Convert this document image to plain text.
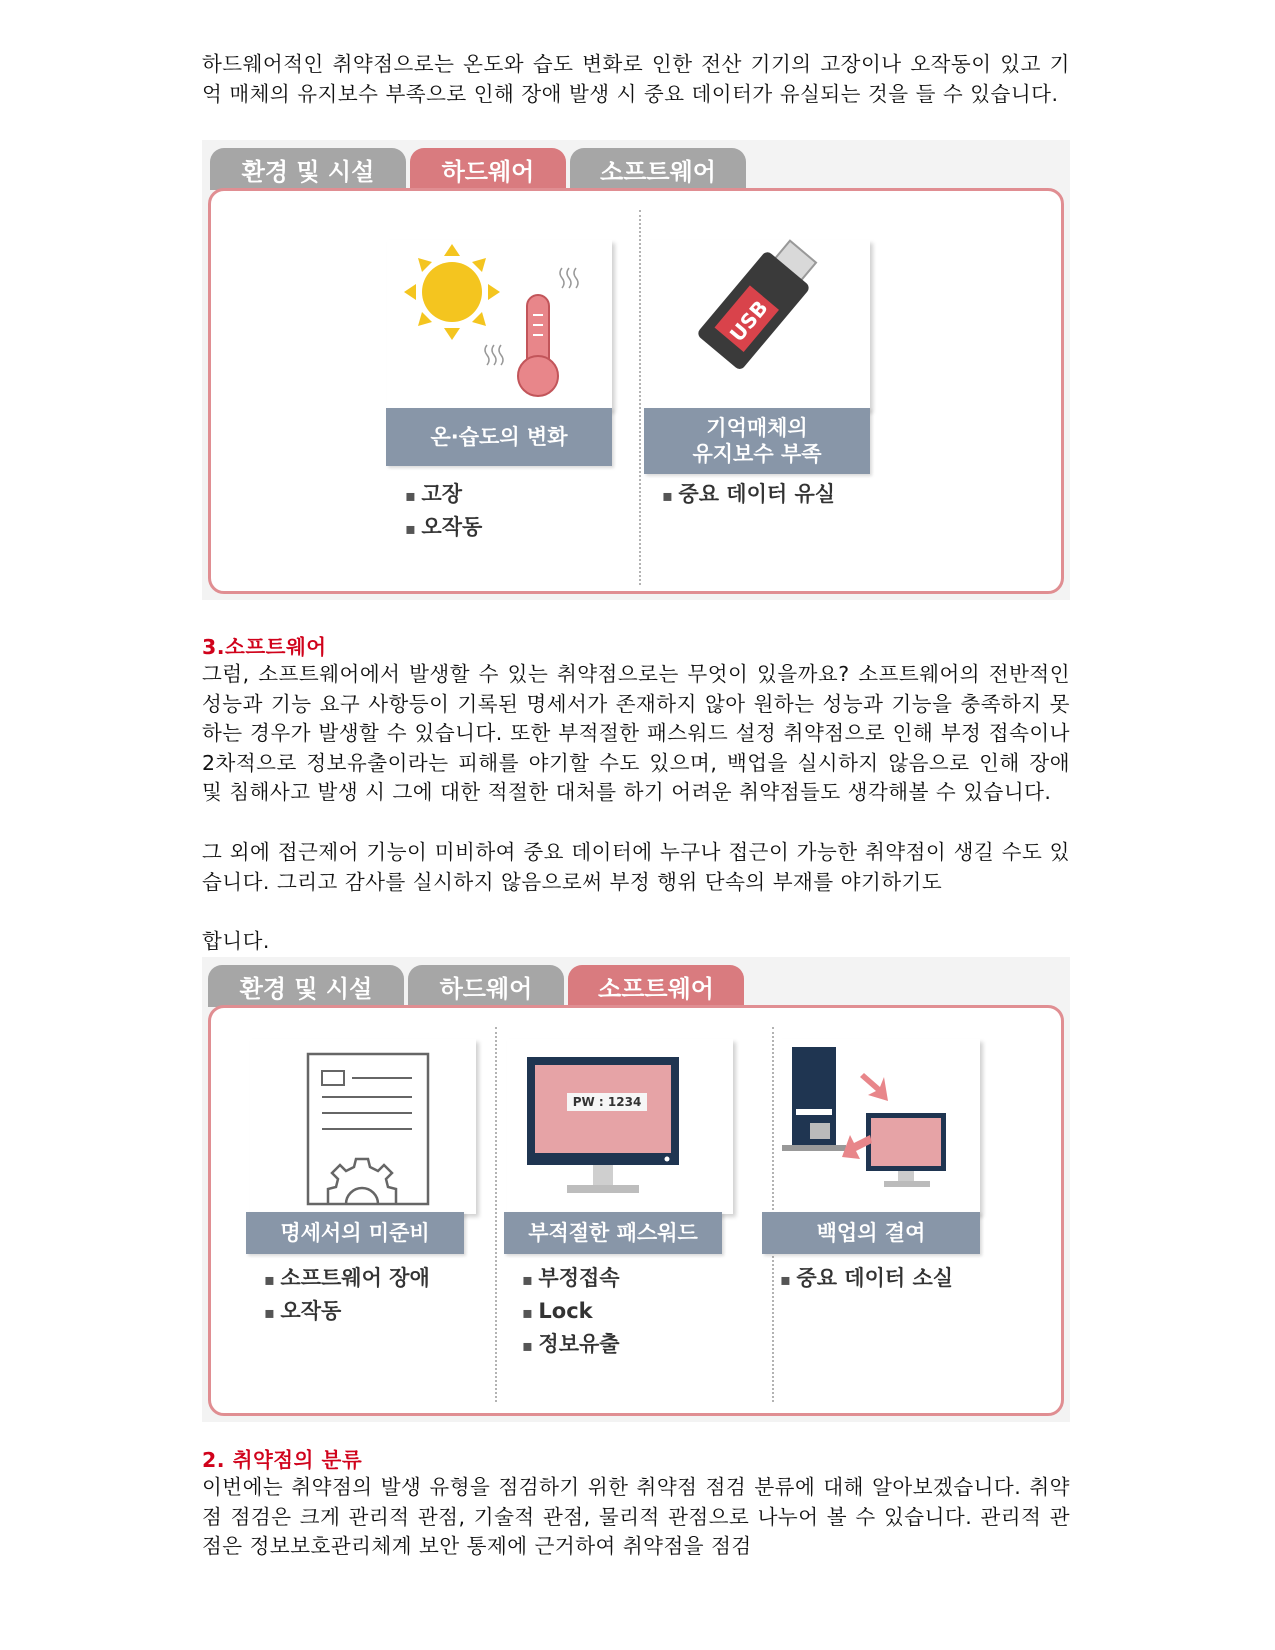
하드웨어적인 취약점으로는 온도와 습도 변화로 인한 전산 기기의 고장이나 오작동이 있고 기억 매체의 유지보수 부족으로 인해 장애 발생 시 중요 데이터가 유실되는 것을 들 수 있습니다.

환경 및 시설	하드웨어	소프트웨어
온·습도의 변화
▪ 고장
▪ 오작동
USB
기억매체의
유지보수 부족
▪ 중요 데이터 유실
3.소프트웨어

그럼, 소프트웨어에서 발생할 수 있는 취약점으로는 무엇이 있을까요? 소프트웨어의 전반적인 성능과 기능 요구 사항등이 기록된 명세서가 존재하지 않아 원하는 성능과 기능을 충족하지 못하는 경우가 발생할 수 있습니다. 또한 부적절한 패스워드 설정 취약점으로 인해 부정 접속이나 2차적으로 정보유출이라는 피해를 야기할 수도 있으며, 백업을 실시하지 않음으로 인해 장애 및 침해사고 발생 시 그에 대한 적절한 대처를 하기 어려운 취약점들도 생각해볼 수 있습니다.

그 외에 접근제어 기능이 미비하여 중요 데이터에 누구나 접근이 가능한 취약점이 생길 수도 있습니다. 그리고 감사를 실시하지 않음으로써 부정 행위 단속의 부재를 야기하기도

합니다.

환경 및 시설	하드웨어	소프트웨어
명세서의 미준비
▪ 소프트웨어 장애
▪ 오작동
PW : 1234
부적절한 패스워드
▪ 부정접속
▪ Lock
▪ 정보유출
백업의 결여
▪ 중요 데이터 소실
2. 취약점의 분류

이번에는 취약점의 발생 유형을 점검하기 위한 취약점 점검 분류에 대해 알아보겠습니다. 취약점 점검은 크게 관리적 관점, 기술적 관점, 물리적 관점으로 나누어 볼 수 있습니다. 관리적 관점은 정보보호관리체계 보안 통제에 근거하여 취약점을 점검
